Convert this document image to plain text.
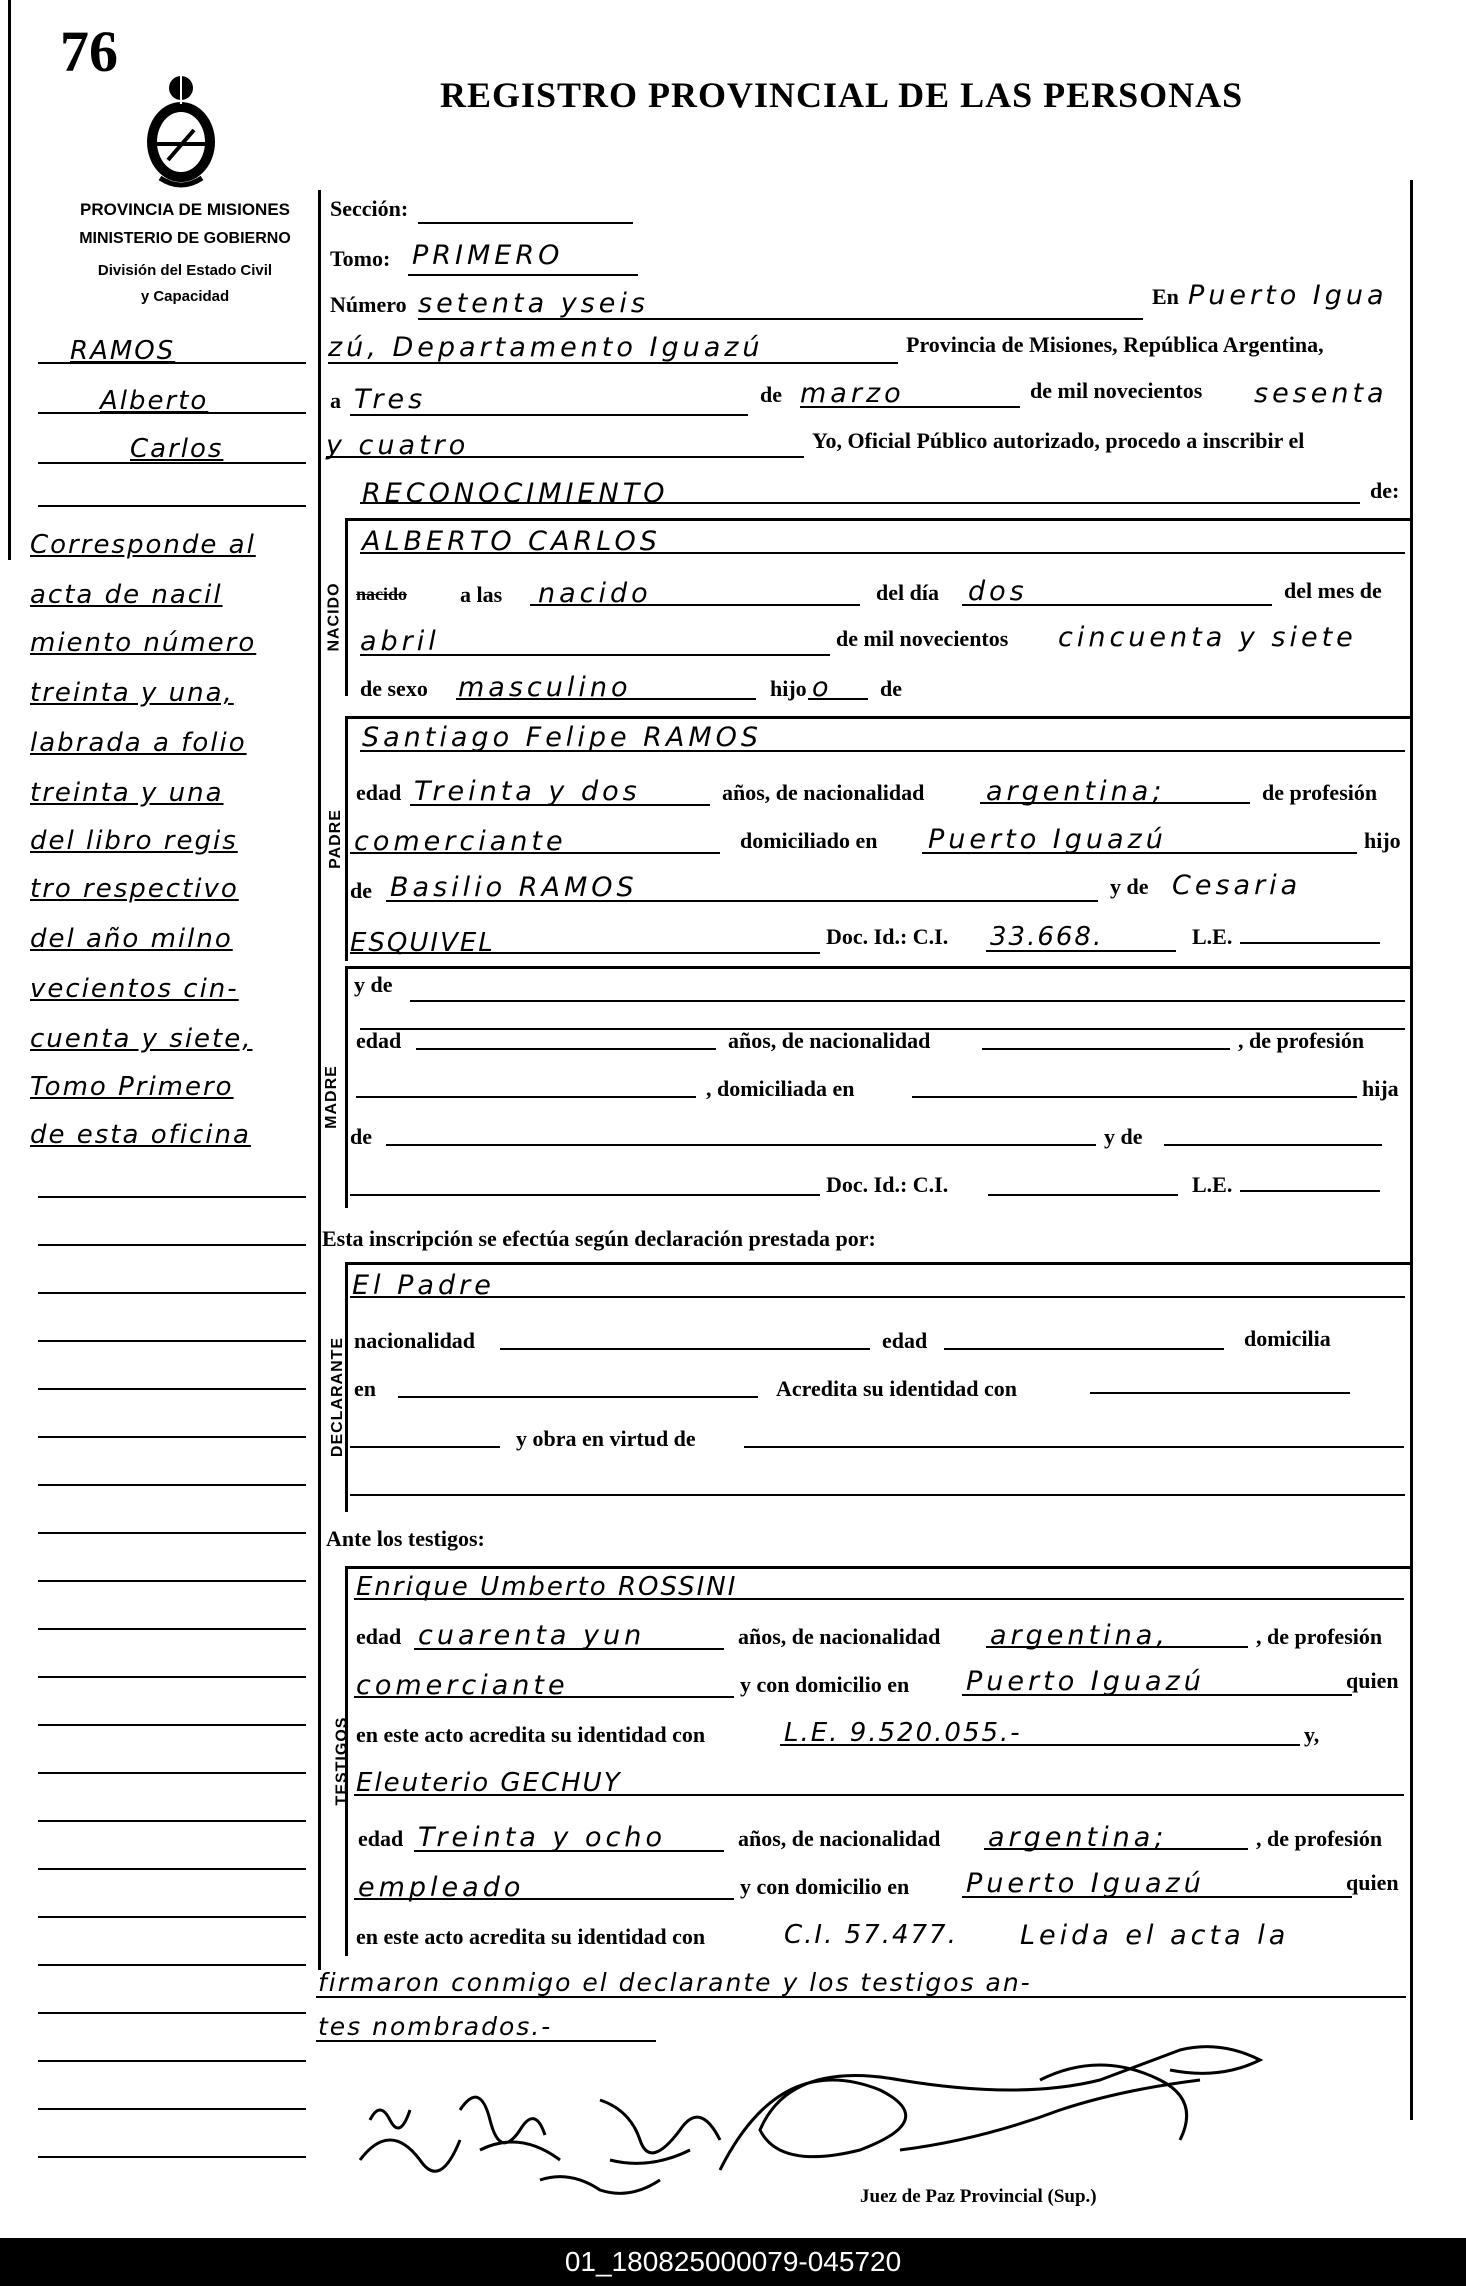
76
REGISTRO PROVINCIAL DE LAS PERSONAS
PROVINCIA DE MISIONES
MINISTERIO DE GOBIERNO
División del Estado Civil
y Capacidad
RAMOS
Alberto
Carlos
Corresponde al
acta de nacil
miento número
treinta y una,
labrada a folio
treinta y una
del libro regis
tro respectivo
del año milno
vecientos cin-
cuenta y siete,
Tomo Primero
de esta oficina
Sección:
Tomo: PRIMERO
Número setenta yseis	En Puerto Igua
zú, Departamento Iguazú	Provincia de Misiones, República Argentina,
a Tres	de marzo	de mil novecientos sesenta
y cuatro	Yo, Oficial Público autorizado, procedo a inscribir el
RECONOCIMIENTO	de:
NACIDO
ALBERTO CARLOS
nacido a las nacido	del día dos	del mes de
abril	de mil novecientos cincuenta y siete
de sexo masculino	hijo o de
PADRE
Santiago Felipe RAMOS
edad Treinta y dos	años, de nacionalidad argentina;	de profesión
comerciante	domiciliado en Puerto Iguazú	hijo
de Basilio RAMOS	y de Cesaria
ESQUIVEL	Doc. Id.: C.I. 33.668.	L.E.
MADRE
y de
edad	años, de nacionalidad	, de profesión
, domiciliada en	hija
de	y de
Doc. Id.: C.I.	L.E.
Esta inscripción se efectúa según declaración prestada por:
DECLARANTE
El Padre
nacionalidad	edad	domicilia
en	Acredita su identidad con
y obra en virtud de
Ante los testigos:
TESTIGOS
Enrique Umberto ROSSINI
edad cuarenta yun	años, de nacionalidad argentina,	, de profesión
comerciante	y con domicilio en Puerto Iguazú	quien
en este acto acredita su identidad con	L.E. 9.520.055.-	y,
Eleuterio GECHUY
edad Treinta y ocho	años, de nacionalidad argentina;	, de profesión
empleado	y con domicilio en Puerto Iguazú	quien
en este acto acredita su identidad con	C.I. 57.477. Leida el acta la
firmaron conmigo el declarante y los testigos an-
tes nombrados.-
Juez de Paz Provincial (Sup.)
01_180825000079-045720
